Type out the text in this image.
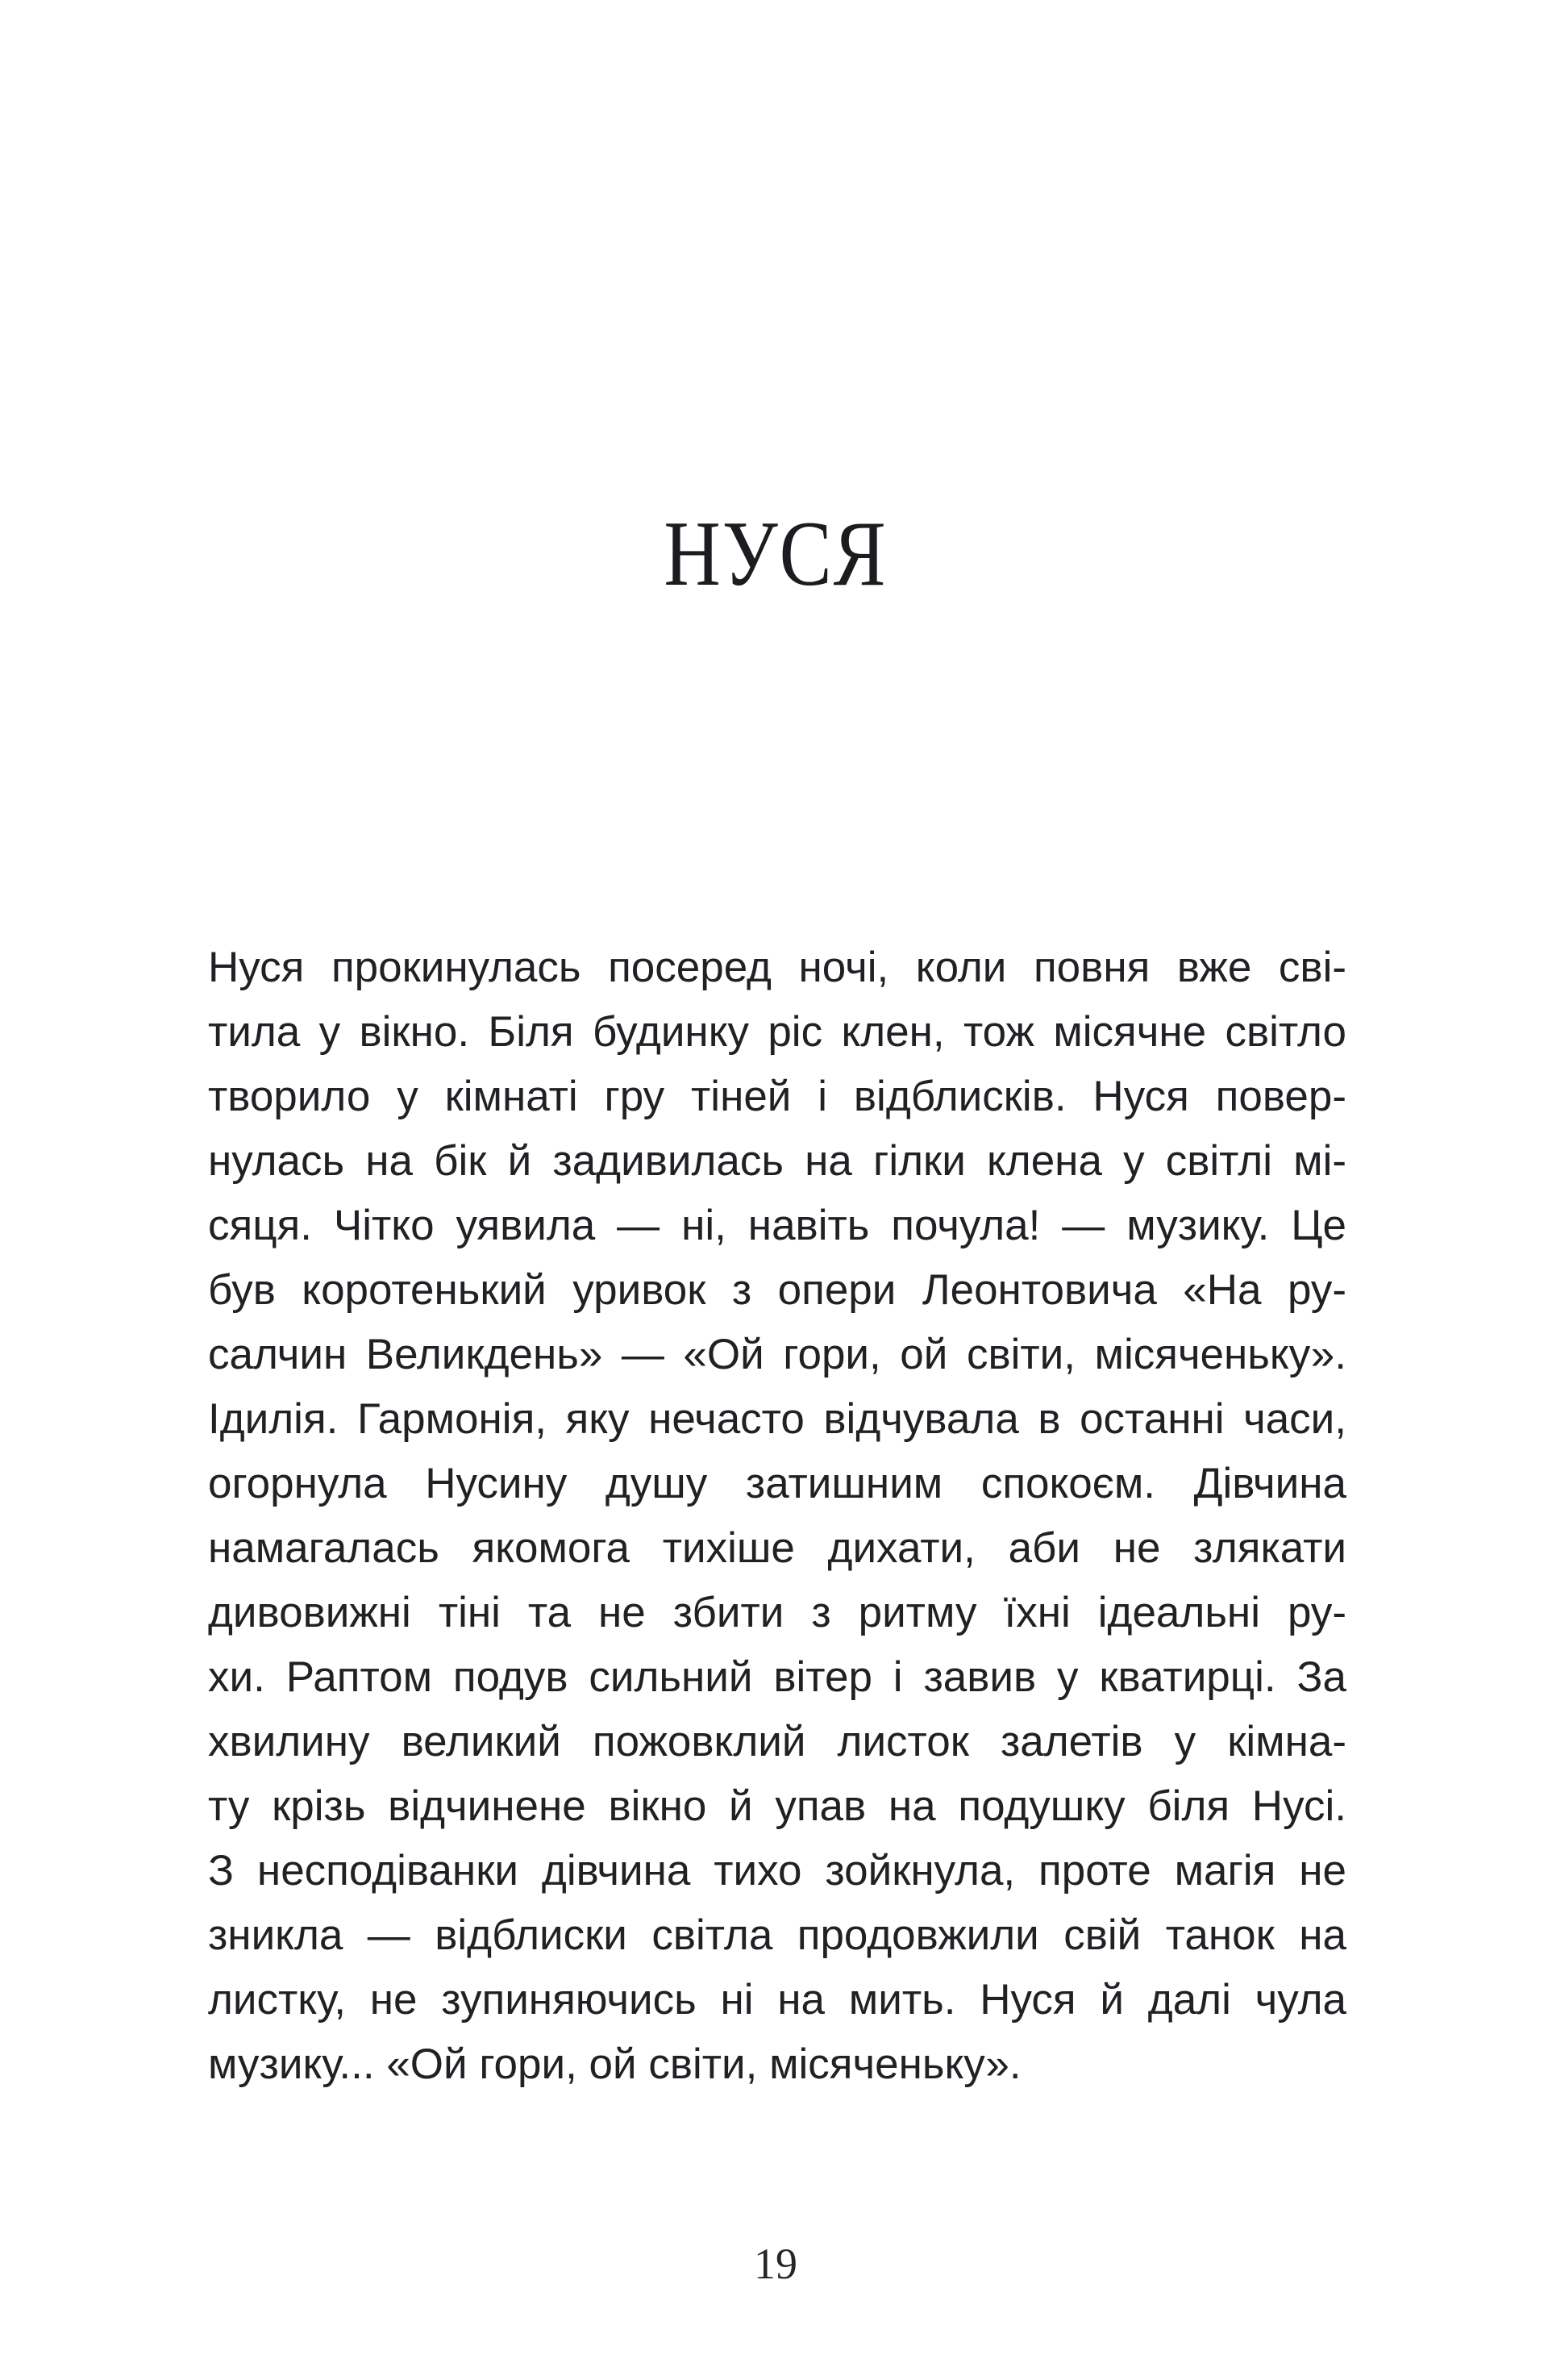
НУСЯ
Нуся прокинулась посеред ночі, коли повня вже сві-
тила у вікно. Біля будинку ріс клен, тож місячне світло
творило у кімнаті гру тіней і відблисків. Нуся повер-
нулась на бік й задивилась на гілки клена у світлі мі-
сяця. Чітко уявила — ні, навіть почула! — музику. Це
був коротенький уривок з опери Леонтовича «На ру-
салчин Великдень» — «Ой гори, ой світи, місяченьку».
Ідилія. Гармонія, яку нечасто відчувала в останні часи,
огорнула Нусину душу затишним спокоєм. Дівчина
намагалась якомога тихіше дихати, аби не злякати
дивовижні тіні та не збити з ритму їхні ідеальні ру-
хи. Раптом подув сильний вітер і завив у кватирці. За
хвилину великий пожовклий листок залетів у кімна-
ту крізь відчинене вікно й упав на подушку біля Нусі.
З несподіванки дівчина тихо зойкнула, проте магія не
зникла — відблиски світла продовжили свій танок на
листку, не зупиняючись ні на мить. Нуся й далі чула
музику... «Ой гори, ой світи, місяченьку».
19
